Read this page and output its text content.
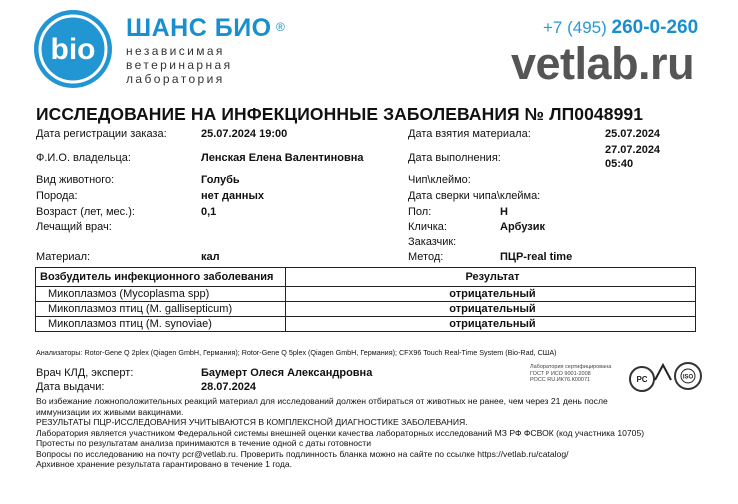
bio
ШАНС БИО ®
независимая
ветеринарная
лаборатория
+7 (495) 260-0-260
vetlab.ru
ИССЛЕДОВАНИЕ НА ИНФЕКЦИОННЫЕ ЗАБОЛЕВАНИЯ № ЛП0048991
Дата регистрации заказа:	25.07.2024 19:00
Ф.И.О. владельца:	Ленская Елена Валентиновна
Вид животного:	Голубь
Порода:	нет данных
Возраст (лет, мес.):	0,1
Лечащий врач:
Материал:	кал
Дата взятия материала:	25.07.2024
Дата выполнения:
27.07.2024
05:40
Чип\клеймо:
Дата сверки чипа\клейма:
Пол:	Н
Кличка:	Арбузик
Заказчик:
Метод:	ПЦР-real time
Возбудитель инфекционного заболевания	Результат
Микоплазмоз (Mycoplasma spp)	отрицательный
Микоплазмоз птиц (M. gallisepticum)	отрицательный
Микоплазмоз птиц (M. synoviae)	отрицательный
Анализаторы: Rotor-Gene Q 2plex (Qiagen GmbH, Германия); Rotor-Gene Q 5plex (Qiagen GmbH, Германия); CFX96 Touch Real-Time System (Bio-Rad, США)
Врач КЛД, эксперт:	Баумерт Олеся Александровна
Дата выдачи:	28.07.2024
Лаборатория сертифицирована
ГОСТ Р ИСО 9001-2008
РОСС RU.ИК76.К00071	PC	ISO
Во избежание ложноположительных реакций материал для исследований должен отбираться от животных не ранее, чем через 21 день после
иммунизации их живыми вакцинами.
РЕЗУЛЬТАТЫ ПЦР-ИССЛЕДОВАНИЯ УЧИТЫВАЮТСЯ В КОМПЛЕКСНОЙ ДИАГНОСТИКЕ ЗАБОЛЕВАНИЯ.
Лаборатория является участником Федеральной системы внешней оценки качества лабораторных исследований МЗ РФ ФСВОК (код участника 10705)
Протесты по результатам анализа принимаются в течение одной с даты готовности
Вопросы по исследованию на почту pcr@vetlab.ru. Проверить подлинность бланка можно на сайте по ссылке https://vetlab.ru/catalog/
Архивное хранение результата гарантировано в течение 1 года.
